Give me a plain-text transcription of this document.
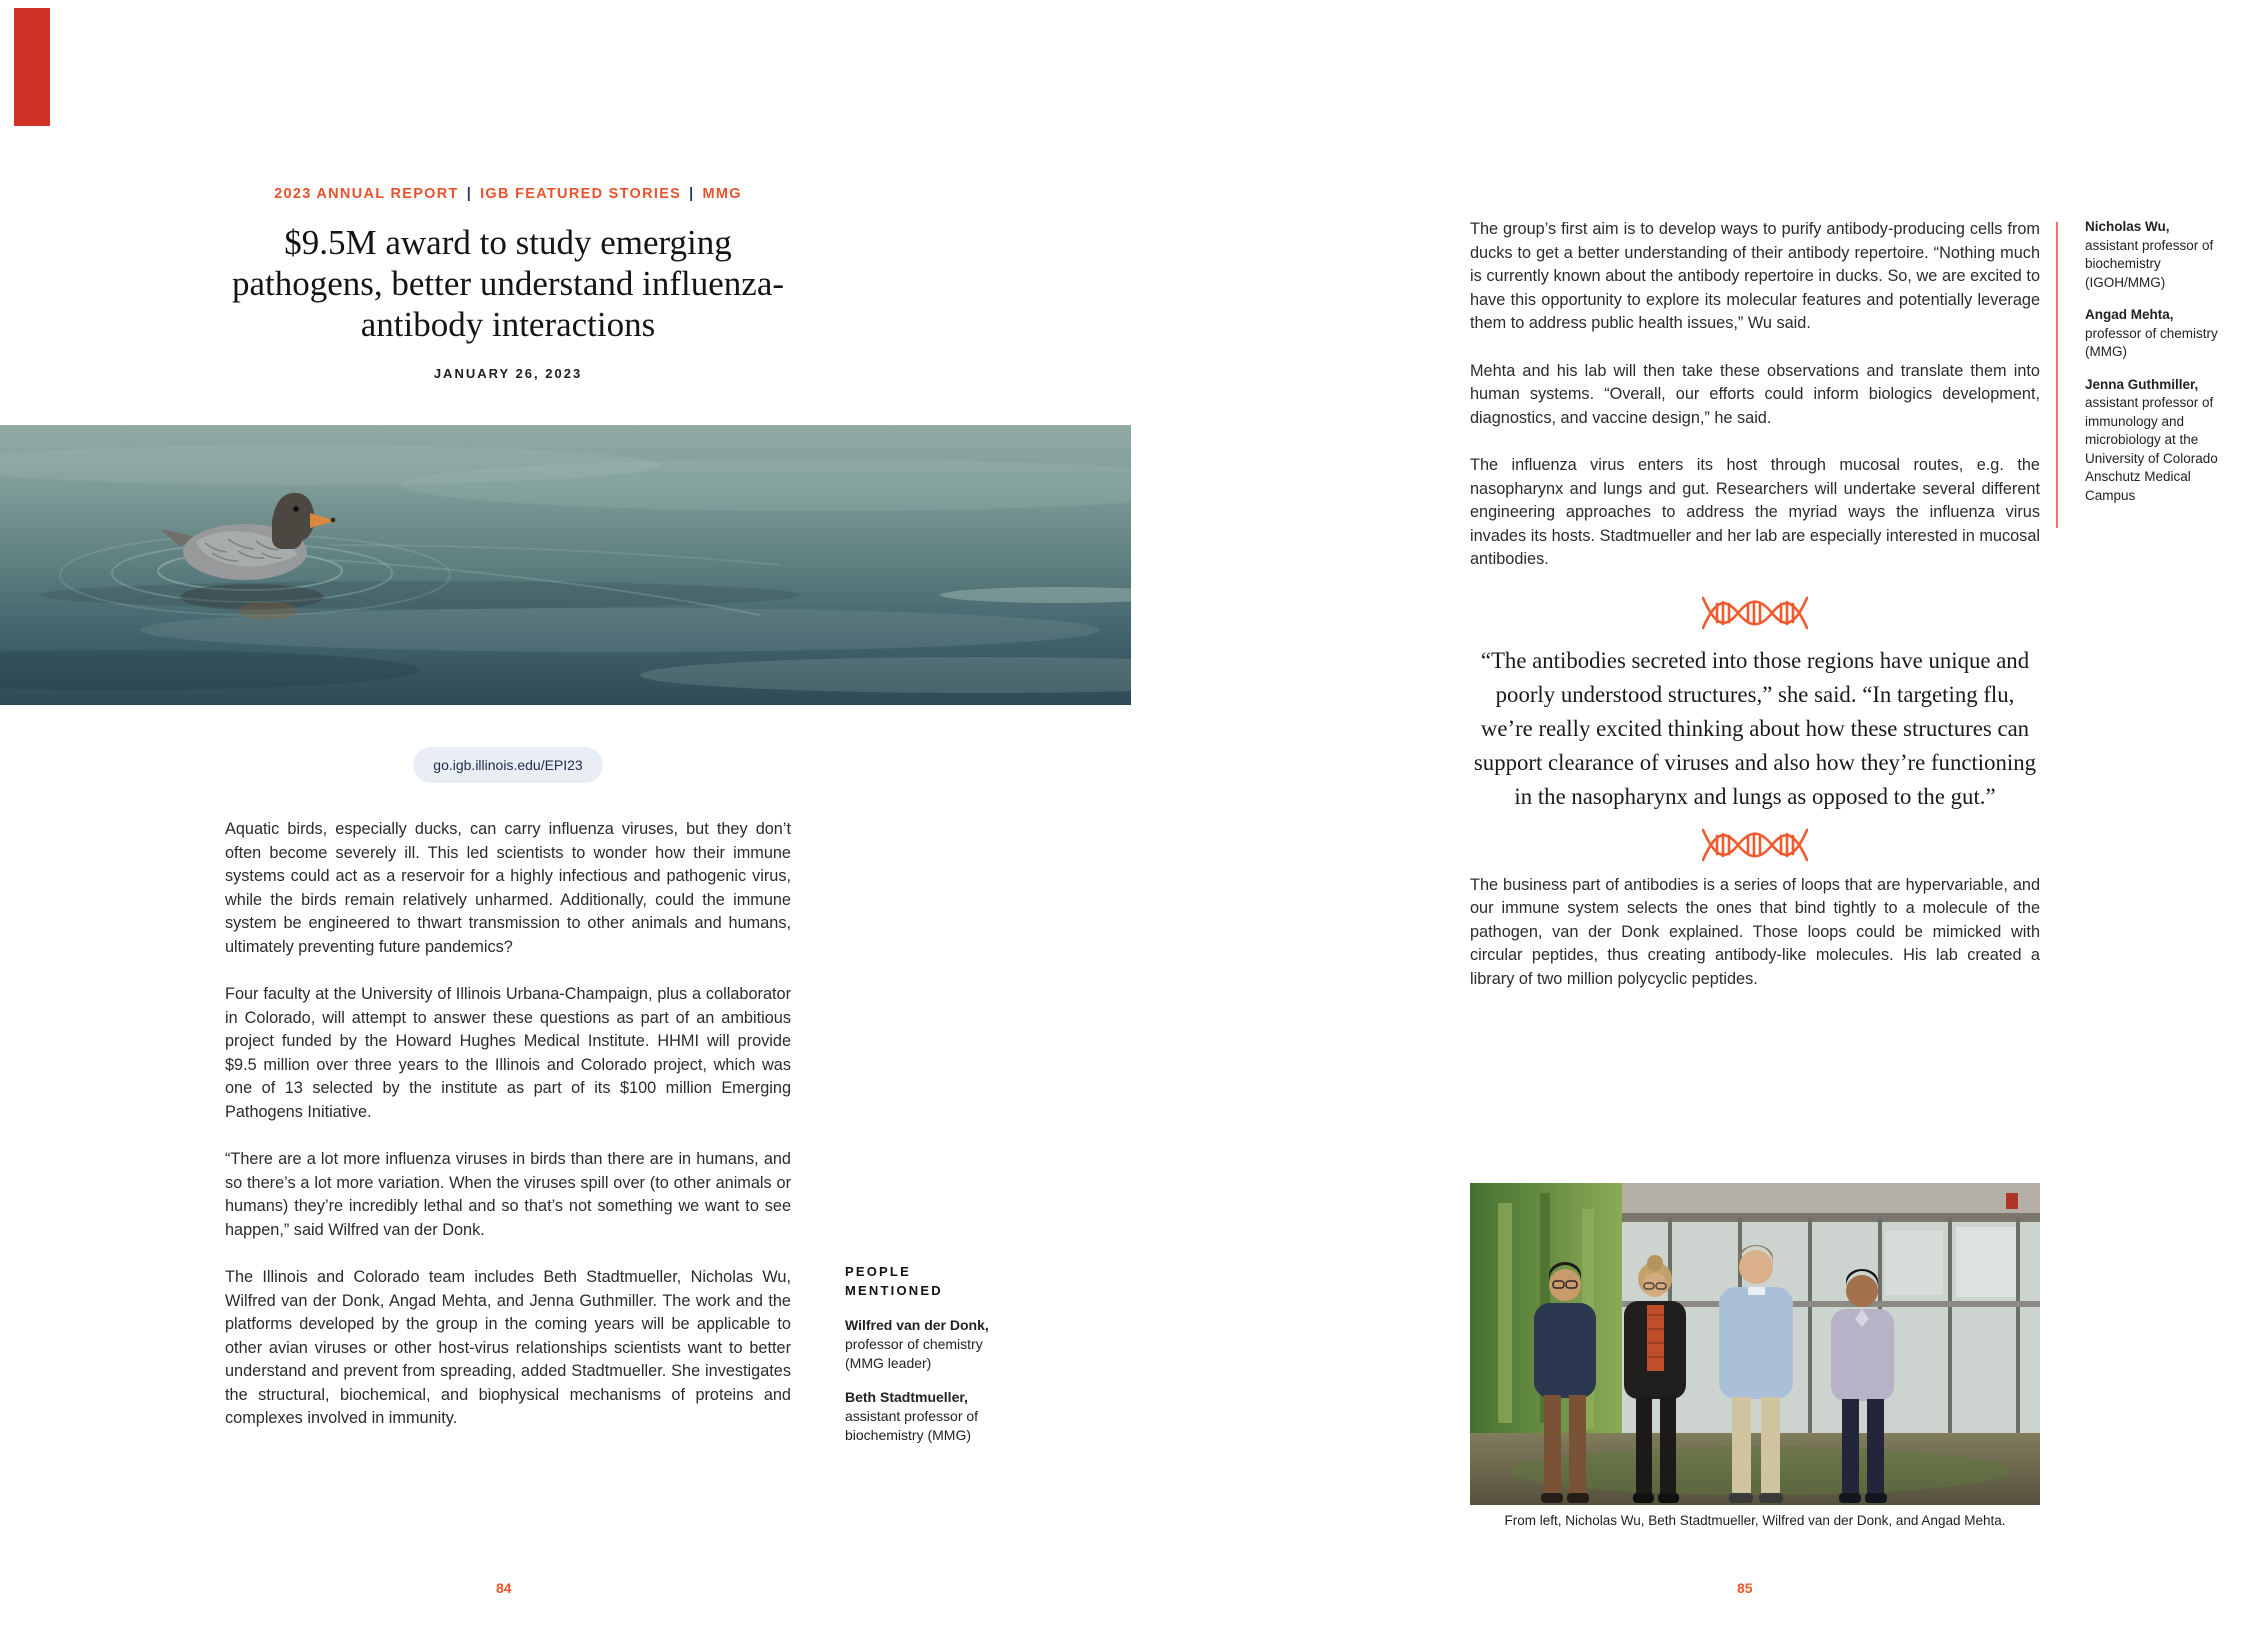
2023 ANNUAL REPORT | IGB FEATURED STORIES | MMG
$9.5M award to study emerging pathogens, better understand influenza-antibody interactions
JANUARY 26, 2023
go.igb.illinois.edu/EPI23

Aquatic birds, especially ducks, can carry influenza viruses, but they don’t often become severely ill. This led scientists to wonder how their immune systems could act as a reservoir for a highly infectious and pathogenic virus, while the birds remain relatively unharmed. Additionally, could the immune system be engineered to thwart transmission to other animals and humans, ultimately preventing future pandemics?

Four faculty at the University of Illinois Urbana-Champaign, plus a collaborator in Colorado, will attempt to answer these questions as part of an ambitious project funded by the Howard Hughes Medical Institute. HHMI will provide $9.5 million over three years to the Illinois and Colorado project, which was one of 13 selected by the institute as part of its $100 million Emerging Pathogens Initiative.

“There are a lot more influenza viruses in birds than there are in humans, and so there’s a lot more variation. When the viruses spill over (to other animals or humans) they’re incredibly lethal and so that’s not something we want to see happen,” said Wilfred van der Donk.

The Illinois and Colorado team includes Beth Stadtmueller, Nicholas Wu, Wilfred van der Donk, Angad Mehta, and Jenna Guthmiller. The work and the platforms developed by the group in the coming years will be applicable to other avian viruses or other host-virus relationships scientists want to better understand and prevent from spreading, added Stadtmueller. She investigates the structural, biochemical, and biophysical mechanisms of proteins and complexes involved in immunity.

PEOPLE MENTIONED

Wilfred van der Donk, professor of chemistry (MMG leader)

Beth Stadtmueller, assistant professor of biochemistry (MMG)

84

The group’s first aim is to develop ways to purify antibody-producing cells from ducks to get a better understanding of their antibody repertoire. “Nothing much is currently known about the antibody repertoire in ducks. So, we are excited to have this opportunity to explore its molecular features and potentially leverage them to address public health issues,” Wu said.

Mehta and his lab will then take these observations and translate them into human systems. “Overall, our efforts could inform biologics development, diagnostics, and vaccine design,” he said.

The influenza virus enters its host through mucosal routes, e.g. the nasopharynx and lungs and gut. Researchers will undertake several different engineering approaches to address the myriad ways the influenza virus invades its hosts. Stadtmueller and her lab are especially interested in mucosal antibodies.

“The antibodies secreted into those regions have unique and poorly understood structures,” she said. “In targeting flu, we’re really excited thinking about how these structures can support clearance of viruses and also how they’re functioning in the nasopharynx and lungs as opposed to the gut.”

The business part of antibodies is a series of loops that are hypervariable, and our immune system selects the ones that bind tightly to a molecule of the pathogen, van der Donk explained. Those loops could be mimicked with circular peptides, thus creating antibody-like molecules. His lab created a library of two million polycyclic peptides.

Nicholas Wu, assistant professor of biochemistry (IGOH/MMG)

Angad Mehta, professor of chemistry (MMG)

Jenna Guthmiller, assistant professor of immunology and microbiology at the University of Colorado Anschutz Medical Campus

From left, Nicholas Wu, Beth Stadtmueller, Wilfred van der Donk, and Angad Mehta.
85
